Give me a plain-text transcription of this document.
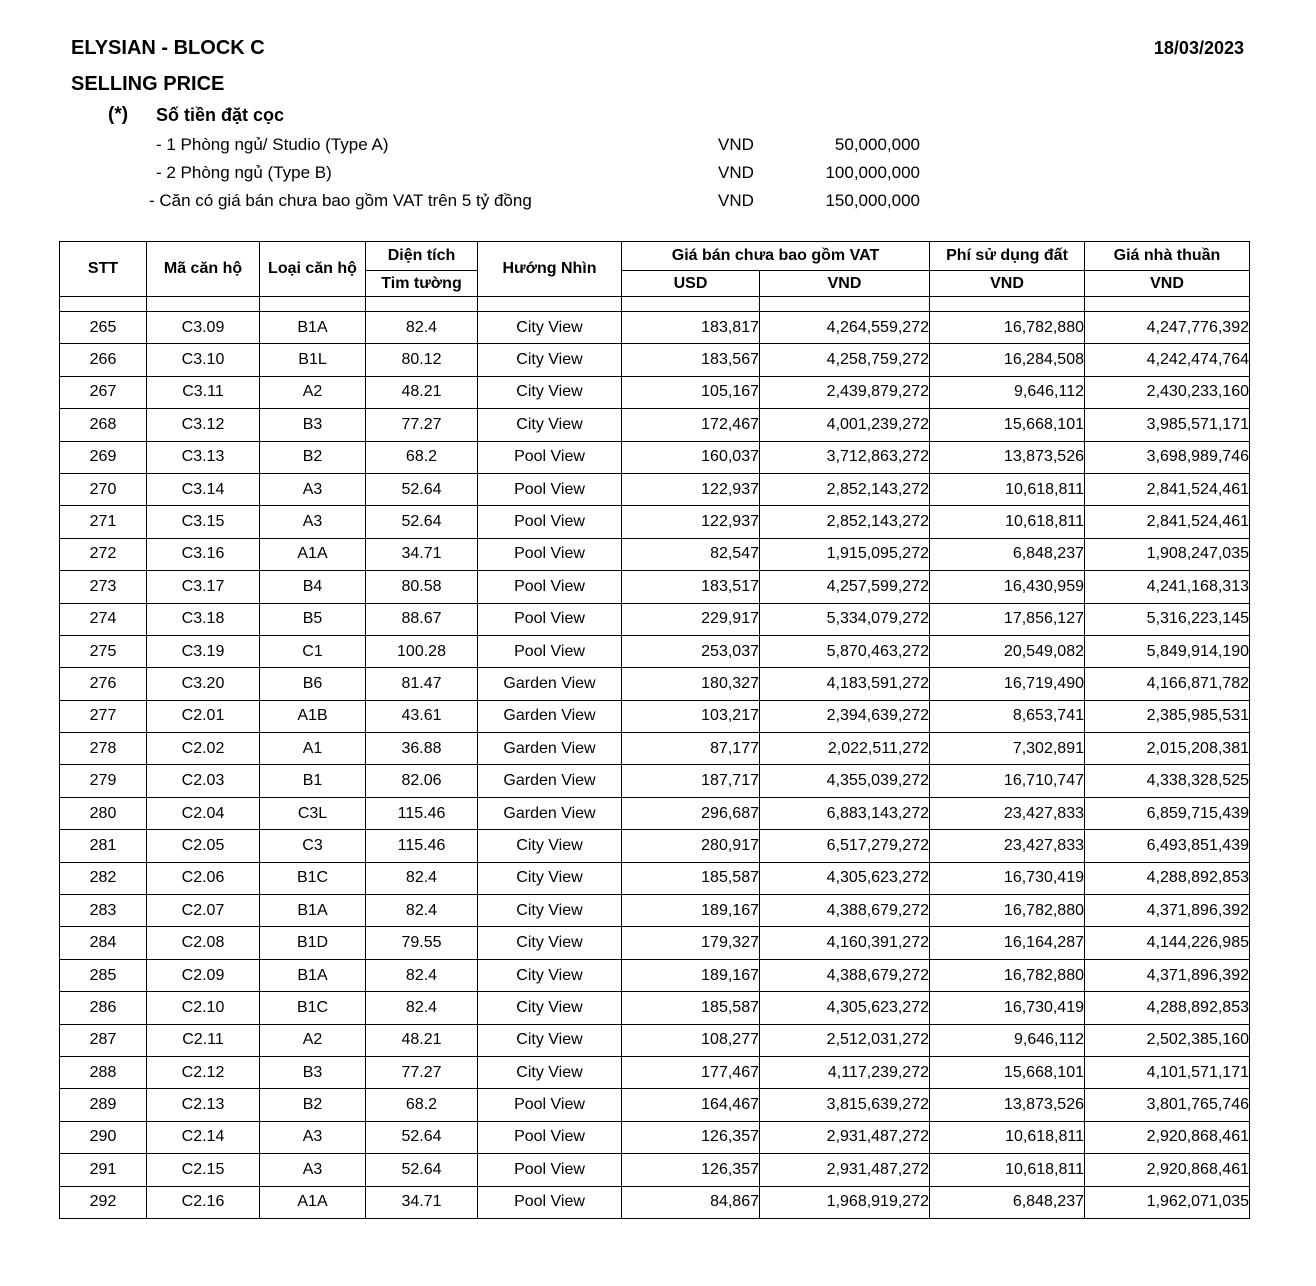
ELYSIAN - BLOCK C
SELLING PRICE
18/03/2023
(*) Số tiền đặt cọc
- 1 Phòng ngủ/ Studio (Type A)	VND	50,000,000
- 2 Phòng ngủ (Type B)	VND	100,000,000
- Căn có giá bán chưa bao gồm VAT trên 5 tỷ đồng	VND	150,000,000
STT	Mã căn hộ	Loại căn hộ	Diện tích	Hướng Nhìn	Giá bán chưa bao gồm VAT		Phí sử dụng đất	Giá nhà thuần
			Tim tường		USD	VND	VND	VND

265	C3.09	B1A	82.4	City View	183,817	4,264,559,272	16,782,880	4,247,776,392
266	C3.10	B1L	80.12	City View	183,567	4,258,759,272	16,284,508	4,242,474,764
267	C3.11	A2	48.21	City View	105,167	2,439,879,272	9,646,112	2,430,233,160
268	C3.12	B3	77.27	City View	172,467	4,001,239,272	15,668,101	3,985,571,171
269	C3.13	B2	68.2	Pool View	160,037	3,712,863,272	13,873,526	3,698,989,746
270	C3.14	A3	52.64	Pool View	122,937	2,852,143,272	10,618,811	2,841,524,461
271	C3.15	A3	52.64	Pool View	122,937	2,852,143,272	10,618,811	2,841,524,461
272	C3.16	A1A	34.71	Pool View	82,547	1,915,095,272	6,848,237	1,908,247,035
273	C3.17	B4	80.58	Pool View	183,517	4,257,599,272	16,430,959	4,241,168,313
274	C3.18	B5	88.67	Pool View	229,917	5,334,079,272	17,856,127	5,316,223,145
275	C3.19	C1	100.28	Pool View	253,037	5,870,463,272	20,549,082	5,849,914,190
276	C3.20	B6	81.47	Garden View	180,327	4,183,591,272	16,719,490	4,166,871,782
277	C2.01	A1B	43.61	Garden View	103,217	2,394,639,272	8,653,741	2,385,985,531
278	C2.02	A1	36.88	Garden View	87,177	2,022,511,272	7,302,891	2,015,208,381
279	C2.03	B1	82.06	Garden View	187,717	4,355,039,272	16,710,747	4,338,328,525
280	C2.04	C3L	115.46	Garden View	296,687	6,883,143,272	23,427,833	6,859,715,439
281	C2.05	C3	115.46	City View	280,917	6,517,279,272	23,427,833	6,493,851,439
282	C2.06	B1C	82.4	City View	185,587	4,305,623,272	16,730,419	4,288,892,853
283	C2.07	B1A	82.4	City View	189,167	4,388,679,272	16,782,880	4,371,896,392
284	C2.08	B1D	79.55	City View	179,327	4,160,391,272	16,164,287	4,144,226,985
285	C2.09	B1A	82.4	City View	189,167	4,388,679,272	16,782,880	4,371,896,392
286	C2.10	B1C	82.4	City View	185,587	4,305,623,272	16,730,419	4,288,892,853
287	C2.11	A2	48.21	City View	108,277	2,512,031,272	9,646,112	2,502,385,160
288	C2.12	B3	77.27	City View	177,467	4,117,239,272	15,668,101	4,101,571,171
289	C2.13	B2	68.2	Pool View	164,467	3,815,639,272	13,873,526	3,801,765,746
290	C2.14	A3	52.64	Pool View	126,357	2,931,487,272	10,618,811	2,920,868,461
291	C2.15	A3	52.64	Pool View	126,357	2,931,487,272	10,618,811	2,920,868,461
292	C2.16	A1A	34.71	Pool View	84,867	1,968,919,272	6,848,237	1,962,071,035
